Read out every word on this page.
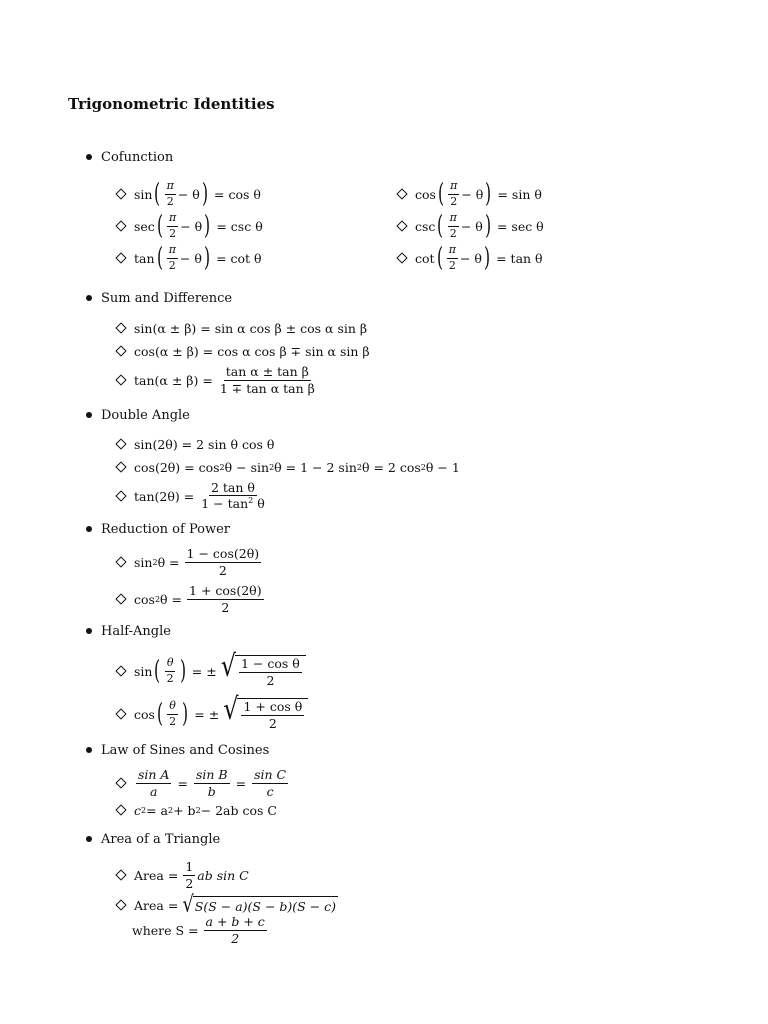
Trigonometric Identities
Cofunction
sin ( $\frac{\pi}{2} - \theta$ ) = cos θ	cos ( $\frac{\pi}{2} - \theta$ ) = sin θ
sec ( $\frac{\pi}{2} - \theta$ ) = csc θ	csc ( $\frac{\pi}{2} - \theta$ ) = sec θ
tan ( $\frac{\pi}{2} - \theta$ ) = cot θ	cot ( $\frac{\pi}{2} - \theta$ ) = tan θ
Sum and Difference
sin(α ± β) = sin α cos β ± cos α sin β
cos(α ± β) = cos α cos β ∓ sin α sin β
$\tan(\alpha \pm \beta) = \frac{\text{tan α ± tan β}}{\text{1 ∓ tan α tan β}}$
Double Angle
sin(2θ) = 2 sin θ cos θ
cos(2θ) = cos 2 θ − sin 2 θ = 1 − 2 sin 2 θ = 2 cos 2 θ − 1
$\tan(2\theta) = \frac{\text{2 tan θ}}{1 - \tan^2 \theta}$
Reduction of Power
sin 2 $\theta = \frac{1 - \cos(2\theta)}{2}$
cos 2 $\theta = \frac{1 + \cos(2\theta)}{2}$
Half-Angle
sin ( $\frac{\theta}{2}$ ) = ± √ $\frac{\text{1 − cos θ}}{2}$
cos ( $\frac{\theta}{2}$ ) = ± √ $\frac{\text{1 + cos θ}}{2}$
Law of Sines and Cosines
$\frac{\text{sin A}}{a} = \frac{\text{sin B}}{b} = \frac{\text{sin C}}{c}$
c 2 = a 2 + b 2 − 2ab cos C
Area of a Triangle
Area = $\frac{1}{2}$ ab sin C
Area = √ S(S − a)(S − b)(S − c)
where $S = \frac{a + b + c}{2}$
